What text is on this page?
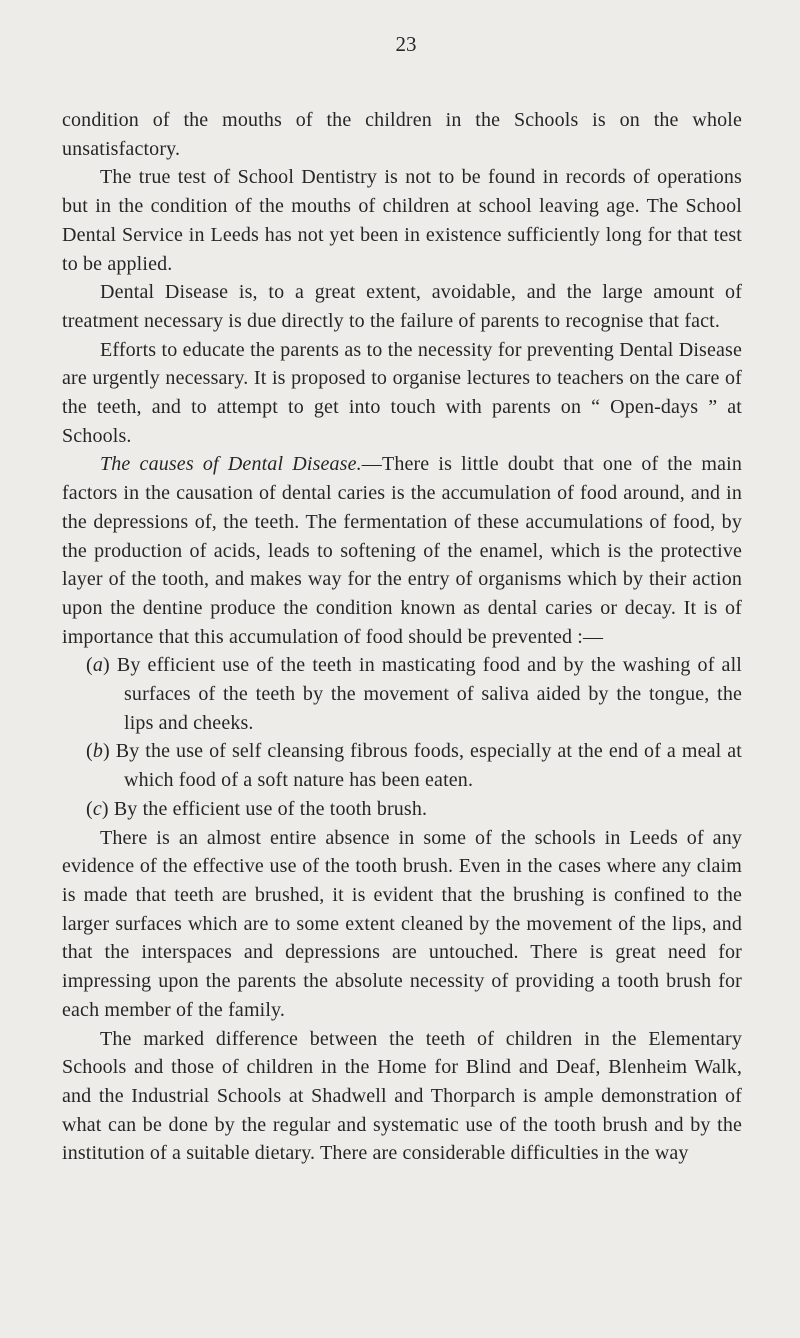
23

condition of the mouths of the children in the Schools is on the whole unsatisfactory.

The true test of School Dentistry is not to be found in records of operations but in the condition of the mouths of children at school leaving age. The School Dental Service in Leeds has not yet been in existence sufficiently long for that test to be applied.

Dental Disease is, to a great extent, avoidable, and the large amount of treatment necessary is due directly to the failure of parents to recognise that fact.

Efforts to educate the parents as to the necessity for preventing Dental Disease are urgently necessary. It is proposed to organise lectures to teachers on the care of the teeth, and to attempt to get into touch with parents on “ Open-days ” at Schools.

The causes of Dental Disease.—There is little doubt that one of the main factors in the causation of dental caries is the accumulation of food around, and in the depressions of, the teeth. The fermentation of these accumulations of food, by the production of acids, leads to softening of the enamel, which is the protective layer of the tooth, and makes way for the entry of organisms which by their action upon the dentine produce the condition known as dental caries or decay. It is of importance that this accumulation of food should be prevented :—

(a) By efficient use of the teeth in masticating food and by the washing of all surfaces of the teeth by the movement of saliva aided by the tongue, the lips and cheeks.

(b) By the use of self cleansing fibrous foods, especially at the end of a meal at which food of a soft nature has been eaten.

(c) By the efficient use of the tooth brush.

There is an almost entire absence in some of the schools in Leeds of any evidence of the effective use of the tooth brush. Even in the cases where any claim is made that teeth are brushed, it is evident that the brushing is confined to the larger surfaces which are to some extent cleaned by the movement of the lips, and that the interspaces and depressions are untouched. There is great need for impressing upon the parents the absolute necessity of providing a tooth brush for each member of the family.

The marked difference between the teeth of children in the Elementary Schools and those of children in the Home for Blind and Deaf, Blenheim Walk, and the Industrial Schools at Shadwell and Thorparch is ample demonstration of what can be done by the regular and systematic use of the tooth brush and by the institution of a suitable dietary. There are considerable difficulties in the way
